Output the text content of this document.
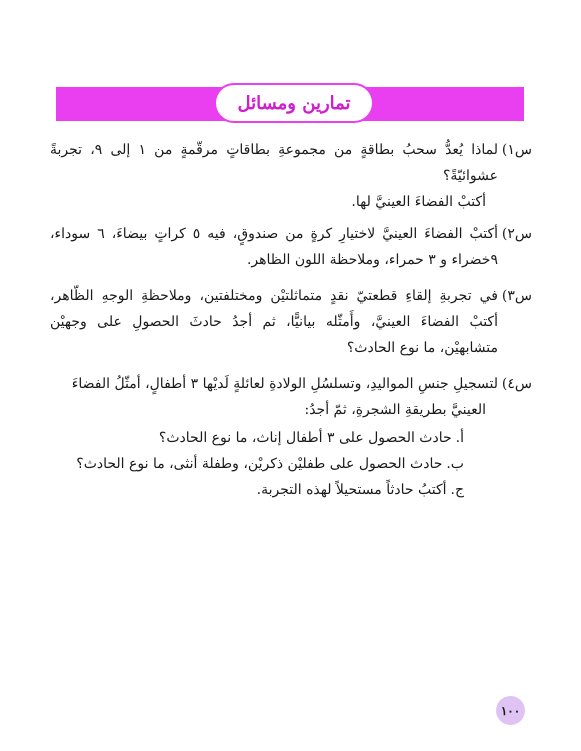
تمارين ومسائل
س١)
لماذا يُعدُّ سحبُ بطاقةٍ من مجموعةِ بطاقاتٍ مرقّمةٍ من ١ إلى ٩، تجربةً عشوائيّةً؟
أكتبْ الفضاءَ العينيَّ لها.
س٢)
أكتبْ الفضاءَ العينيَّ لاختيارِ كرةٍ من صندوقٍ، فيه ٥ كراتٍ بيضاءَ، ٦ سوداء، ٩خضراء و ٣ حمراء، وملاحظة اللون الظاهر.
س٣)
في تجربةِ إلقاءِ قطعتيّ نقدٍ متماثلتيْن ومختلفتين، وملاحظةِ الوجهِ الظّاهر، أكتبْ الفضاءَ العينيَّ، وأَمثّله بيانيًّا، ثم أجدُ حادثَ الحصولِ على وجهيْن متشابهيْن، ما نوع الحادث؟
س٤)
لتسجيلِ جنسِ المواليدِ، وتسلسُلِ الولادةِ لعائلةٍ لَديْها ٣ أطفالٍ، أمثّلُ الفضاءَ
العينيَّ بطريقةِ الشجرةِ، ثمّ أجدُ:
أ.
حادث الحصول على ٣ أطفال إناث، ما نوع الحادث؟
ب.
حادث الحصول على طفليْن ذكريْن، وطفلة أنثى، ما نوع الحادث؟
ج.
أكتبُ حادثاً مستحيلاً لهذه التجربة.
١٠٠
